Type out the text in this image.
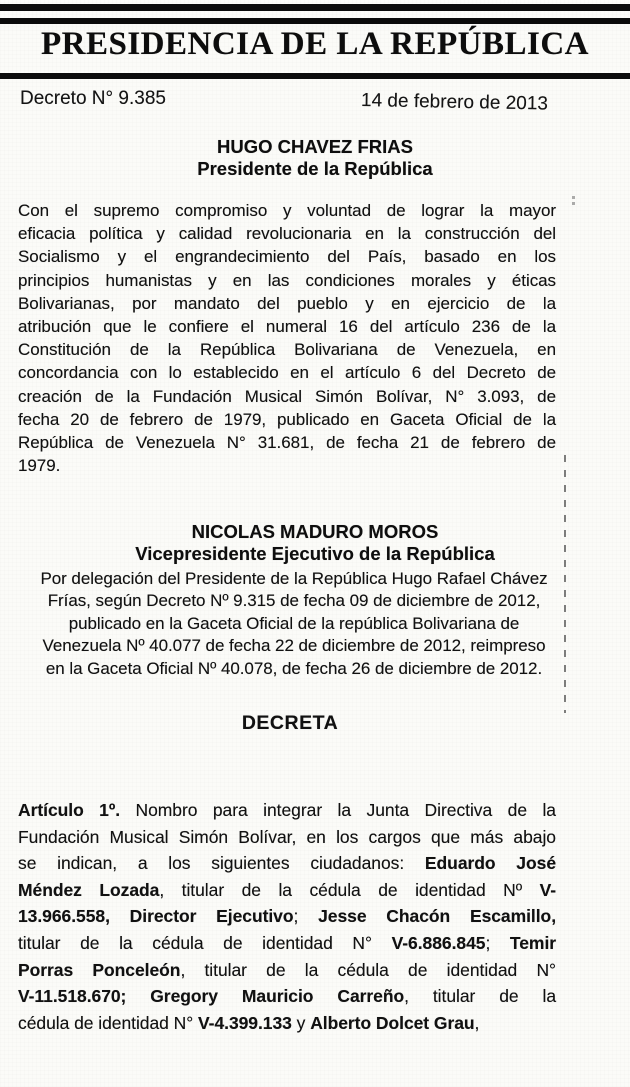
PRESIDENCIA DE LA REPÚBLICA
Decreto N° 9.385	14 de febrero de 2013
HUGO CHAVEZ FRIAS
Presidente de la República
Con el supremo compromiso y voluntad de lograr la mayor
eficacia política y calidad revolucionaria en la construcción del
Socialismo y el engrandecimiento del País, basado en los
principios humanistas y en las condiciones morales y éticas
Bolivarianas, por mandato del pueblo y en ejercicio de la
atribución que le confiere el numeral 16 del artículo 236 de la
Constitución de la República Bolivariana de Venezuela, en
concordancia con lo establecido en el artículo 6 del Decreto de
creación de la Fundación Musical Simón Bolívar, N° 3.093, de
fecha 20 de febrero de 1979, publicado en Gaceta Oficial de la
República de Venezuela N° 31.681, de fecha 21 de febrero de
1979.
NICOLAS MADURO MOROS
Vicepresidente Ejecutivo de la República
Por delegación del Presidente de la República Hugo Rafael Chávez
Frías, según Decreto Nº 9.315 de fecha 09 de diciembre de 2012,
publicado en la Gaceta Oficial de la república Bolivariana de
Venezuela Nº 40.077 de fecha 22 de diciembre de 2012, reimpreso
en la Gaceta Oficial Nº 40.078, de fecha 26 de diciembre de 2012.
DECRETA
Artículo 1º. Nombro para integrar la Junta Directiva de la
Fundación Musical Simón Bolívar, en los cargos que más abajo
se indican, a los siguientes ciudadanos: Eduardo José
Méndez Lozada, titular de la cédula de identidad Nº V-
13.966.558, Director Ejecutivo; Jesse Chacón Escamillo,
titular de la cédula de identidad N° V-6.886.845; Temir
Porras Ponceleón, titular de la cédula de identidad N°
V-11.518.670; Gregory Mauricio Carreño, titular de la
cédula de identidad N° V-4.399.133 y Alberto Dolcet Grau,
